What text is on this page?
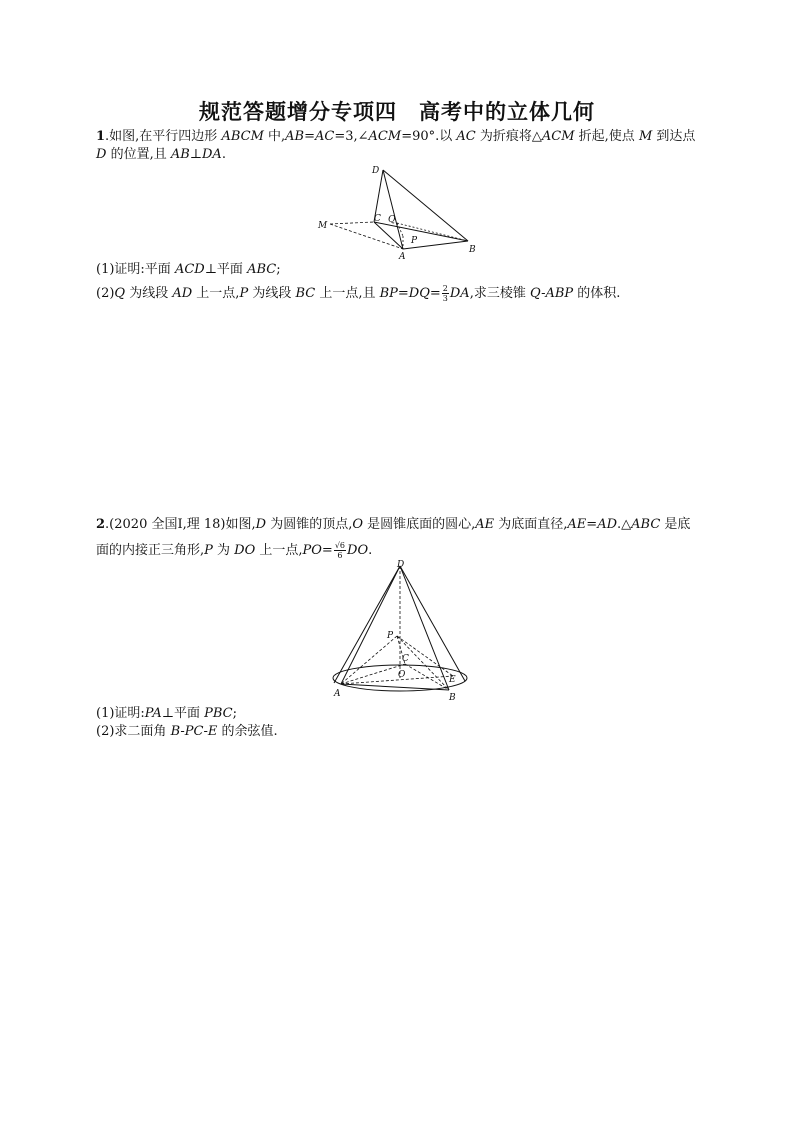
规范答题增分专项四　高考中的立体几何
1.如图,在平行四边形 ABCM 中,AB=AC=3,∠ACM=90°.以 AC 为折痕将△ACM 折起,使点 M 到达点
D 的位置,且 AB⊥DA.
D
M
C Q
P
A
B
(1)证明:平面 ACD⊥平面 ABC;
(2)Q 为线段 AD 上一点,P 为线段 BC 上一点,且 $BP=DQ= \frac{2}{3}$ DA,求三棱锥 Q-ABP 的体积.
2.(2020 全国Ⅰ,理 18)如图,D 为圆锥的顶点,O 是圆锥底面的圆心,AE 为底面直径,AE=AD.△ABC 是底
面的内接正三角形,P 为 DO 上一点$,PO= \frac{√6}{6}$ DO.
D
P
C
O
A
E
B
(1)证明:PA⊥平面 PBC;
(2)求二面角 B-PC-E 的余弦值.
